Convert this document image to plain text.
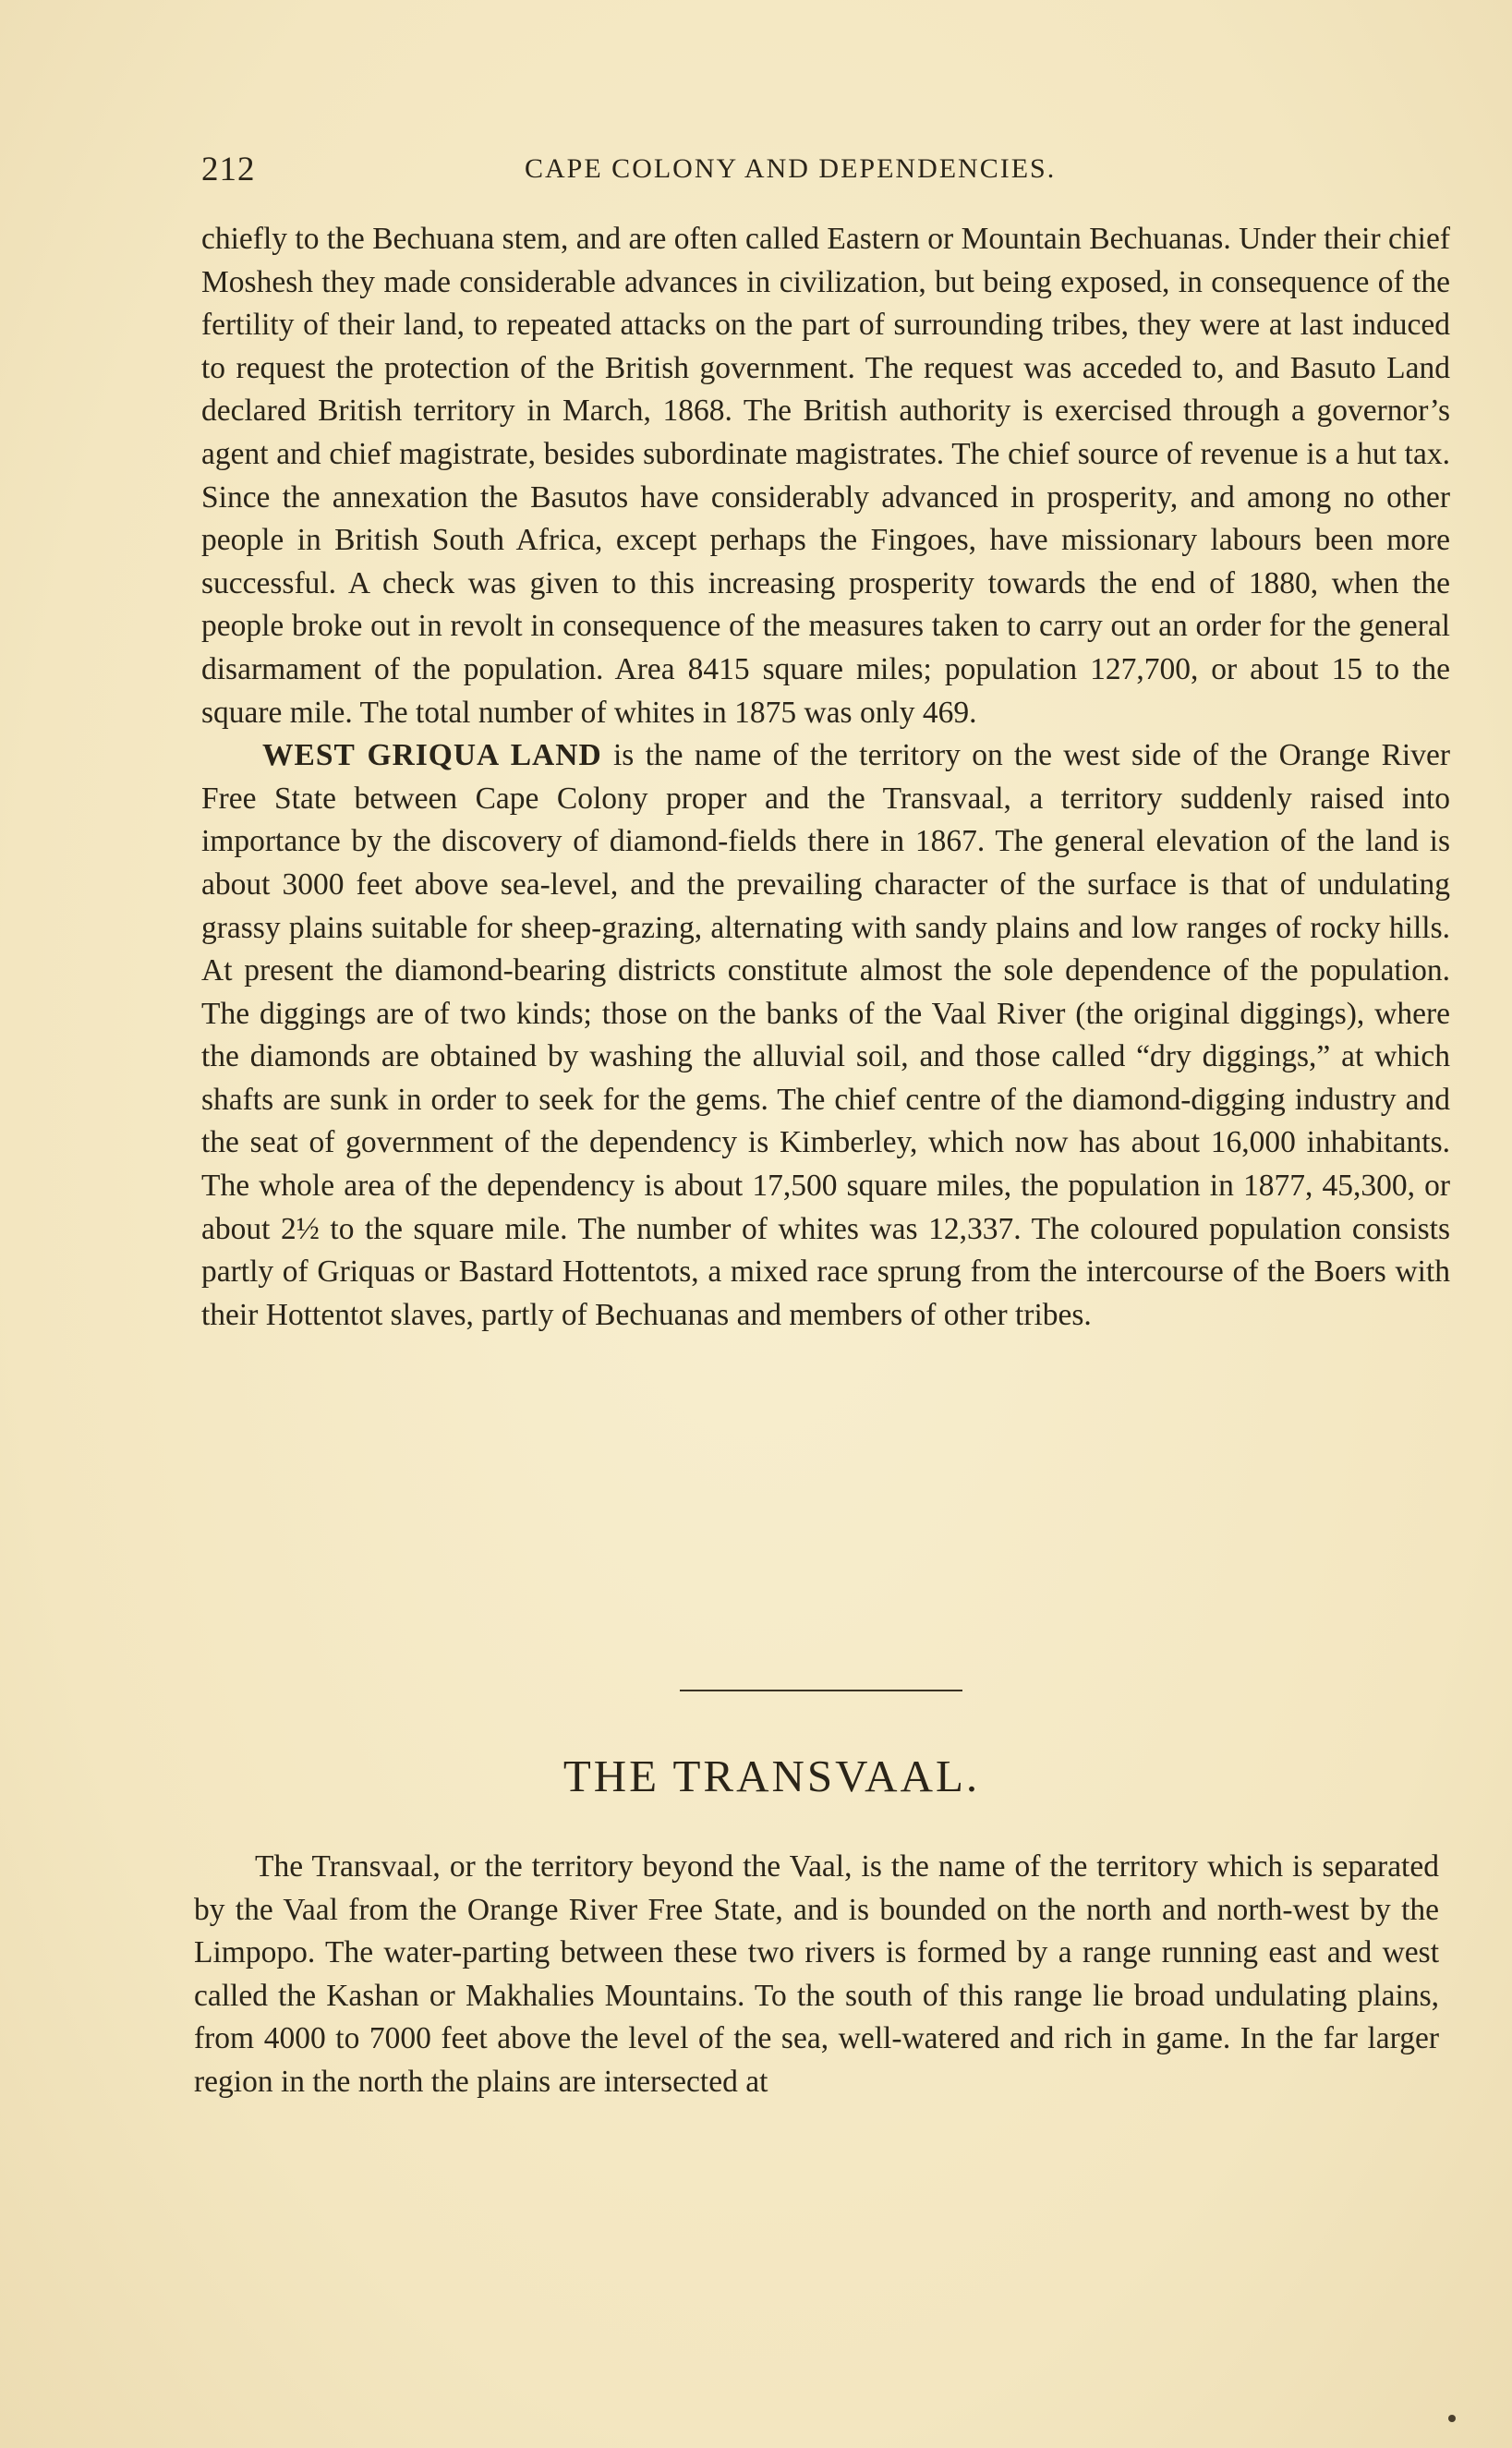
212	CAPE COLONY AND DEPENDENCIES.

chiefly to the Bechuana stem, and are often called Eastern or Mountain Bechuanas. Under their chief Moshesh they made considerable advances in civilization, but being exposed, in consequence of the fertility of their land, to repeated attacks on the part of surrounding tribes, they were at last induced to request the protection of the British government. The request was acceded to, and Basuto Land declared British territory in March, 1868. The British authority is exercised through a governor’s agent and chief magistrate, besides subordinate magistrates. The chief source of revenue is a hut tax. Since the annexation the Basutos have considerably advanced in prosperity, and among no other people in British South Africa, except perhaps the Fingoes, have missionary labours been more successful. A check was given to this increasing prosperity towards the end of 1880, when the people broke out in revolt in consequence of the measures taken to carry out an order for the general disarmament of the population. Area 8415 square miles; population 127,700, or about 15 to the square mile. The total number of whites in 1875 was only 469.

WEST GRIQUA LAND is the name of the territory on the west side of the Orange River Free State between Cape Colony proper and the Transvaal, a territory suddenly raised into importance by the discovery of diamond-fields there in 1867. The general elevation of the land is about 3000 feet above sea-level, and the prevailing character of the surface is that of undulating grassy plains suitable for sheep-grazing, alternating with sandy plains and low ranges of rocky hills. At present the diamond-bearing districts constitute almost the sole dependence of the population. The diggings are of two kinds; those on the banks of the Vaal River (the original diggings), where the diamonds are obtained by washing the alluvial soil, and those called “dry diggings,” at which shafts are sunk in order to seek for the gems. The chief centre of the diamond-digging industry and the seat of government of the dependency is Kimberley, which now has about 16,000 inhabitants. The whole area of the dependency is about 17,500 square miles, the population in 1877, 45,300, or about 2½ to the square mile. The number of whites was 12,337. The coloured population consists partly of Griquas or Bastard Hottentots, a mixed race sprung from the intercourse of the Boers with their Hottentot slaves, partly of Bechuanas and members of other tribes.

THE TRANSVAAL.

The Transvaal, or the territory beyond the Vaal, is the name of the territory which is separated by the Vaal from the Orange River Free State, and is bounded on the north and north-west by the Limpopo. The water-parting between these two rivers is formed by a range running east and west called the Kashan or Makhalies Mountains. To the south of this range lie broad undulating plains, from 4000 to 7000 feet above the level of the sea, well-watered and rich in game. In the far larger region in the north the plains are intersected at
